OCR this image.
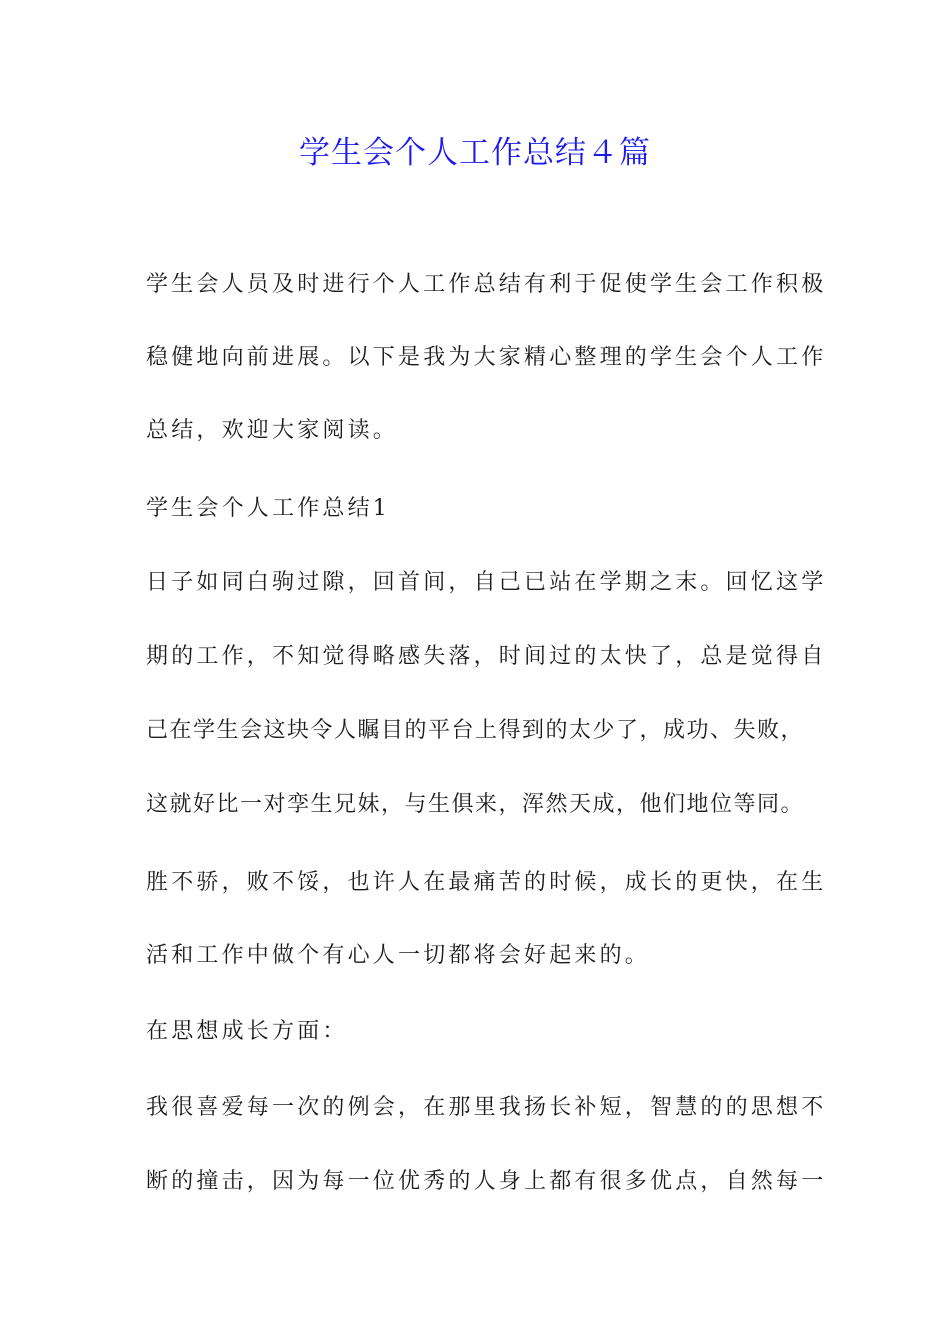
学生会个人工作总结４篇
学生会人员及时进行个人工作总结有利于促使学生会工作积极
稳健地向前进展。以下是我为大家精心整理的学生会个人工作
总结，欢迎大家阅读。
学生会个人工作总结1
日子如同白驹过隙，回首间，自己已站在学期之末。回忆这学
期的工作，不知觉得略感失落，时间过的太快了，总是觉得自
己在学生会这块令人瞩目的平台上得到的太少了，成功、失败，
这就好比一对孪生兄妹，与生俱来，浑然天成，他们地位等同。
胜不骄，败不馁，也许人在最痛苦的时候，成长的更快，在生
活和工作中做个有心人一切都将会好起来的。
在思想成长方面：
我很喜爱每一次的例会，在那里我扬长补短，智慧的的思想不
断的撞击，因为每一位优秀的人身上都有很多优点，自然每一
